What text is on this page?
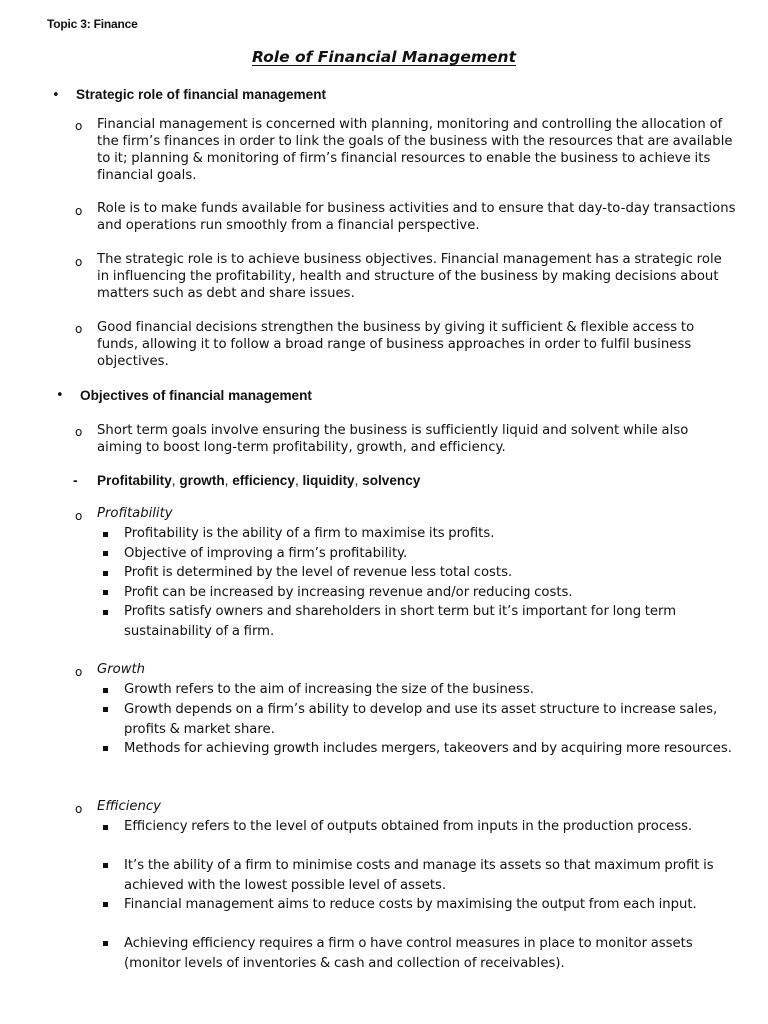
Topic 3: Finance
Role of Financial Management
• Strategic role of financial management
o Financial management is concerned with planning, monitoring and controlling the allocation of the firm’s finances in order to link the goals of the business with the resources that are available to it; planning & monitoring of firm’s financial resources to enable the business to achieve its financial goals.
o Role is to make funds available for business activities and to ensure that day-to-day transactions and operations run smoothly from a financial perspective.
o The strategic role is to achieve business objectives. Financial management has a strategic role in influencing the profitability, health and structure of the business by making decisions about matters such as debt and share issues.
o Good financial decisions strengthen the business by giving it sufficient & flexible access to funds, allowing it to follow a broad range of business approaches in order to fulfil business objectives.
• Objectives of financial management
o Short term goals involve ensuring the business is sufficiently liquid and solvent while also aiming to boost long-term profitability, growth, and efficiency.
- Profitability, growth, efficiency, liquidity, solvency
o Profitability
Profitability is the ability of a firm to maximise its profits.
Objective of improving a firm’s profitability.
Profit is determined by the level of revenue less total costs.
Profit can be increased by increasing revenue and/or reducing costs.
Profits satisfy owners and shareholders in short term but it’s important for long term sustainability of a firm.
o Growth
Growth refers to the aim of increasing the size of the business.
Growth depends on a firm’s ability to develop and use its asset structure to increase sales, profits & market share.
Methods for achieving growth includes mergers, takeovers and by acquiring more resources.
o Efficiency
Efficiency refers to the level of outputs obtained from inputs in the production process.
It’s the ability of a firm to minimise costs and manage its assets so that maximum profit is achieved with the lowest possible level of assets.
Financial management aims to reduce costs by maximising the output from each input.
Achieving efficiency requires a firm o have control measures in place to monitor assets (monitor levels of inventories & cash and collection of receivables).
